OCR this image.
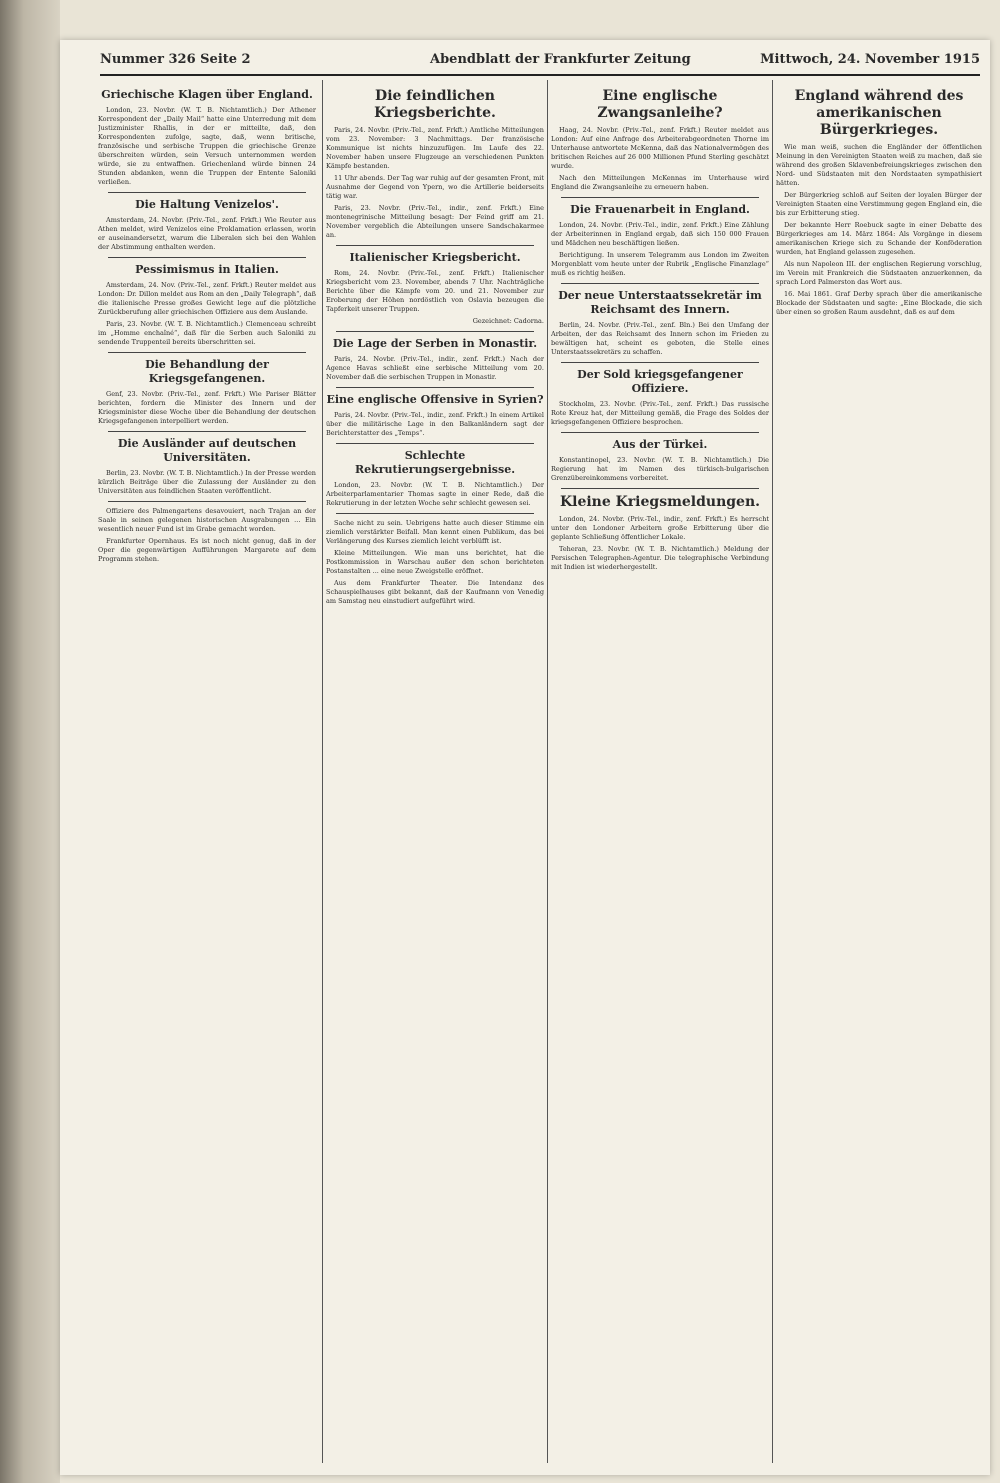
Nummer 326 Seite 2	Abendblatt der Frankfurter Zeitung	Mittwoch, 24. November 1915
Griechische Klagen über England.

London, 23. Novbr. (W. T. B. Nichtamtlich.) Der Athener Korrespondent der „Daily Mail“ hatte eine Unterredung mit dem Justizminister Rhallis, in der er mitteilte, daß, den Korrespondenten zufolge, sagte, daß, wenn britische, französische und serbische Truppen die griechische Grenze überschreiten würden, sein Versuch unternommen werden würde, sie zu entwaffnen. Griechenland würde binnen 24 Stunden abdanken, wenn die Truppen der Entente Saloniki verließen.

Die Haltung Venizelos'.

Amsterdam, 24. Novbr. (Priv.-Tel., zenf. Frkft.) Wie Reuter aus Athen meldet, wird Venizelos eine Proklamation erlassen, worin er auseinandersetzt, warum die Liberalen sich bei den Wahlen der Abstimmung enthalten werden.

Pessimismus in Italien.

Amsterdam, 24. Nov. (Priv.-Tel., zenf. Frkft.) Reuter meldet aus London: Dr. Dillon meldet aus Rom an den „Daily Telegraph“, daß die italienische Presse großes Gewicht lege auf die plötzliche Zurückberufung aller griechischen Offiziere aus dem Auslande.

Paris, 23. Novbr. (W. T. B. Nichtamtlich.) Clemenceau schreibt im „Homme enchaîné“, daß für die Serben auch Saloniki zu sendende Truppenteil bereits überschritten sei.

Die Behandlung der Kriegsgefangenen.

Genf, 23. Novbr. (Priv.-Tel., zenf. Frkft.) Wie Pariser Blätter berichten, fordern die Minister des Innern und der Kriegsminister diese Woche über die Behandlung der deutschen Kriegsgefangenen interpelliert werden.

Die Ausländer auf deutschen Universitäten.

Berlin, 23. Novbr. (W. T. B. Nichtamtlich.) In der Presse werden kürzlich Beiträge über die Zulassung der Ausländer zu den Universitäten aus feindlichen Staaten veröffentlicht.

Offiziere des Palmengartens desavouiert, nach Trajan an der Saale in seinen gelegenen historischen Ausgrabungen ... Ein wesentlich neuer Fund ist im Grabe gemacht worden.

Frankfurter Opernhaus. Es ist noch nicht genug, daß in der Oper die gegenwärtigen Aufführungen Margarete auf dem Programm stehen.

Die feindlichen Kriegsberichte.

Paris, 24. Novbr. (Priv.-Tel., zenf. Frkft.) Amtliche Mitteilungen vom 23. November: 3 Nachmittags. Der französische Kommunique ist nichts hinzuzufügen. Im Laufe des 22. November haben unsere Flugzeuge an verschiedenen Punkten Kämpfe bestanden.

11 Uhr abends. Der Tag war ruhig auf der gesamten Front, mit Ausnahme der Gegend von Ypern, wo die Artillerie beiderseits tätig war.

Paris, 23. Novbr. (Priv.-Tel., indir., zenf. Frkft.) Eine montenegrinische Mitteilung besagt: Der Feind griff am 21. November vergeblich die Abteilungen unsere Sandschakarmee an.

Italienischer Kriegsbericht.

Rom, 24. Novbr. (Priv.-Tel., zenf. Frkft.) Italienischer Kriegsbericht vom 23. November, abends 7 Uhr. Nachträgliche Berichte über die Kämpfe vom 20. und 21. November zur Eroberung der Höhen nordöstlich von Oslavia bezeugen die Tapferkeit unserer Truppen.

Gezeichnet: Cadorna.

Die Lage der Serben in Monastir.

Paris, 24. Novbr. (Priv.-Tel., indir., zenf. Frkft.) Nach der Agence Havas schließt eine serbische Mitteilung vom 20. November daß die serbischen Truppen in Monastir.

Eine englische Offensive in Syrien?

Paris, 24. Novbr. (Priv.-Tel., indir., zenf. Frkft.) In einem Artikel über die militärische Lage in den Balkanländern sagt der Berichterstatter des „Temps“.

Schlechte Rekrutierungsergebnisse.

London, 23. Novbr. (W. T. B. Nichtamtlich.) Der Arbeiterparlamentarier Thomas sagte in einer Rede, daß die Rekrutierung in der letzten Woche sehr schlecht gewesen sei.

Sache nicht zu sein. Uebrigens hatte auch dieser Stimme ein ziemlich verstärkter Beifall. Man kennt einen Publikum, das bei Verlängerung des Kurses ziemlich leicht verblüfft ist.

Kleine Mitteilungen. Wie man uns berichtet, hat die Postkommission in Warschau außer den schon berichteten Postanstalten ... eine neue Zweigstelle eröffnet.

Aus dem Frankfurter Theater. Die Intendanz des Schauspielhauses gibt bekannt, daß der Kaufmann von Venedig am Samstag neu einstudiert aufgeführt wird.

Eine englische Zwangsanleihe?

Haag, 24. Novbr. (Priv.-Tel., zenf. Frkft.) Reuter meldet aus London: Auf eine Anfrage des Arbeiterabgeordneten Thorne im Unterhause antwortete McKenna, daß das Nationalvermögen des britischen Reiches auf 26 000 Millionen Pfund Sterling geschätzt wurde.

Nach den Mitteilungen McKennas im Unterhause wird England die Zwangsanleihe zu erneuern haben.

Die Frauenarbeit in England.

London, 24. Novbr. (Priv.-Tel., indir., zenf. Frkft.) Eine Zählung der Arbeiterinnen in England ergab, daß sich 150 000 Frauen und Mädchen neu beschäftigen ließen.

Berichtigung. In unserem Telegramm aus London im Zweiten Morgenblatt vom heute unter der Rubrik „Englische Finanzlage“ muß es richtig heißen.

Der neue Unterstaatssekretär im Reichsamt des Innern.

Berlin, 24. Novbr. (Priv.-Tel., zenf. Bln.) Bei den Umfang der Arbeiten, der das Reichsamt des Innern schon im Frieden zu bewältigen hat, scheint es geboten, die Stelle eines Unterstaatssekretärs zu schaffen.

Der Sold kriegsgefangener Offiziere.

Stockholm, 23. Novbr. (Priv.-Tel., zenf. Frkft.) Das russische Rote Kreuz hat, der Mitteilung gemäß, die Frage des Soldes der kriegsgefangenen Offiziere besprochen.

Aus der Türkei.

Konstantinopel, 23. Novbr. (W. T. B. Nichtamtlich.) Die Regierung hat im Namen des türkisch-bulgarischen Grenzübereinkommens vorbereitet.

Kleine Kriegsmeldungen.

London, 24. Novbr. (Priv.-Tel., indir., zenf. Frkft.) Es herrscht unter den Londoner Arbeitern große Erbitterung über die geplante Schließung öffentlicher Lokale.

Teheran, 23. Novbr. (W. T. B. Nichtamtlich.) Meldung der Persischen Telegraphen-Agentur. Die telegraphische Verbindung mit Indien ist wiederhergestellt.

England während des amerikanischen Bürgerkrieges.

Wie man weiß, suchen die Engländer der öffentlichen Meinung in den Vereinigten Staaten weiß zu machen, daß sie während des großen Sklavenbefreiungskrieges zwischen den Nord- und Südstaaten mit den Nordstaaten sympathisiert hätten.

Der Bürgerkrieg schloß auf Seiten der loyalen Bürger der Vereinigten Staaten eine Verstimmung gegen England ein, die bis zur Erbitterung stieg.

Der bekannte Herr Roebuck sagte in einer Debatte des Bürgerkrieges am 14. März 1864: Als Vorgänge in diesem amerikanischen Kriege sich zu Schande der Konföderation wurden, hat England gelassen zugesehen.

Als nun Napoleon III. der englischen Regierung vorschlug, im Verein mit Frankreich die Südstaaten anzuerkennen, da sprach Lord Palmerston das Wort aus.

16. Mai 1861. Graf Derby sprach über die amerikanische Blockade der Südstaaten und sagte: „Eine Blockade, die sich über einen so großen Raum ausdehnt, daß es auf dem
